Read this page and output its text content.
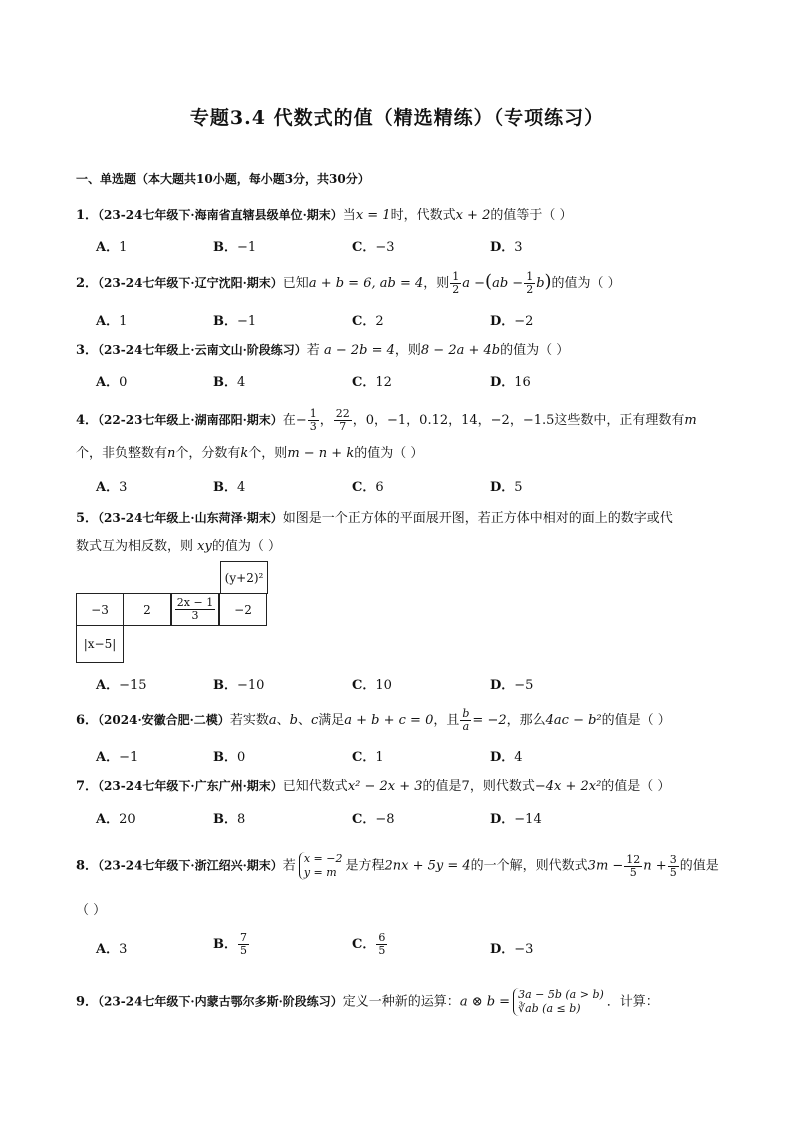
专题3.4 代数式的值（精选精练）（专项练习）
一、单选题（本大题共10小题，每小题3分，共30分）
1．（23-24七年级下·海南省直辖县级单位·期末）当x = 1时，代数式x + 2的值等于（ ）
A．1	B．−1	C．−3	D．3
2．（23-24七年级下·辽宁沈阳·期末）已知a + b = 6, ab = 4，则 $\frac{1}{2}$ $a -(ab - \frac{1}{2} b)$的值为（ ）
A．1	B．−1	C．2	D．−2
3．（23-24七年级上·云南文山·阶段练习）若 a − 2b = 4，则8 − 2a + 4b的值为（ ）
A．0	B．4	C．12	D．16
4．（22-23七年级上·湖南邵阳·期末）在− $\frac{1}{3}$ ， $\frac{22}{7}$ ，0，−1，0.12，14，−2，−1.5这些数中，正有理数有m
个，非负整数有n个，分数有k个，则m − n + k的值为（ ）
A．3	B．4	C．6	D．5
5．（23-24七年级上·山东菏泽·期末）如图是一个正方体的平面展开图，若正方体中相对的面上的数字或代
数式互为相反数，则 xy的值为（ ）
(y+2)²
−3	2	$\frac{2x - 1}{3}$	−2
|x−5|
A．−15	B．−10	C．10	D．−5
6．（2024·安徽合肥·二模）若实数a、b、c满足a + b + c = 0，且 $\frac{b}{a} = -2$，那么4ac − b²的值是（ ）
A．−1	B．0	C．1	D．4
7．（23-24七年级下·广东广州·期末）已知代数式x² − 2x + 3的值是7，则代数式−4x + 2x²的值是（ ）
A．20	B．8	C．−8	D．−14
8．（23-24七年级下·浙江绍兴·期末）若 x = −2
y = m 是方程2nx + 5y = 4的一个解，则代数式$3m - \frac{12}{5}$ $n + \frac{3}{5}$ 的值是
（ ）
A．3	B． $\frac{7}{5}$	C． $\frac{6}{5}$	D．−3
9．（23-24七年级下·内蒙古鄂尔多斯·阶段练习）定义一种新的运算：a ⊗ b = 3a − 5b (a > b)
∛ab (a ≤ b)	．计算：
